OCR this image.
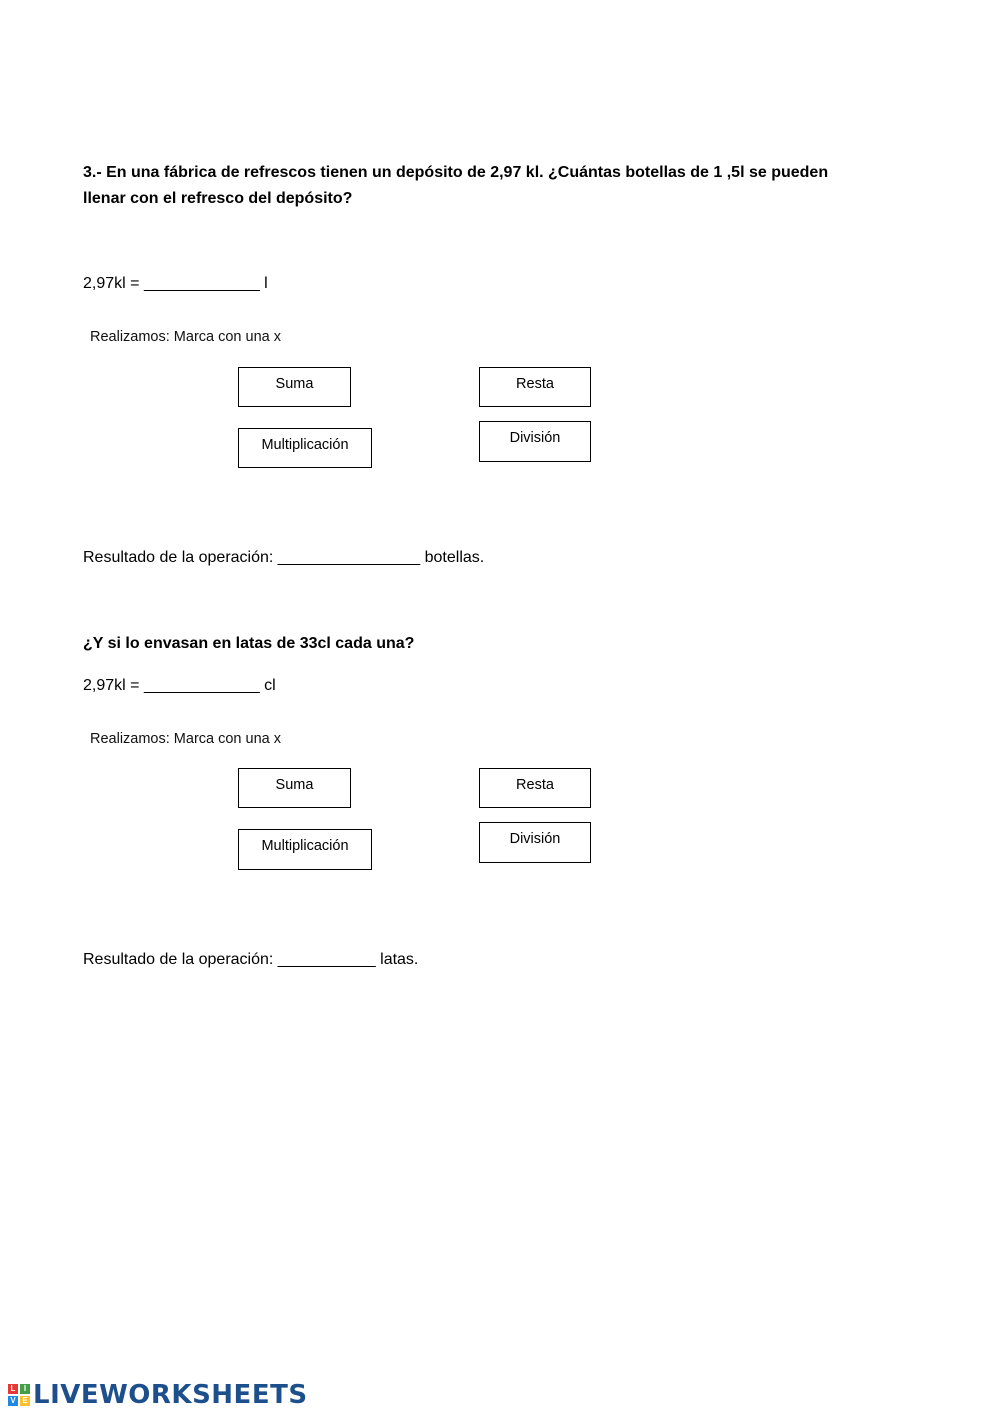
3.- En una fábrica de refrescos tienen un depósito de 2,97 kl. ¿Cuántas botellas de 1 ,5l se pueden llenar con el refresco del depósito?
2,97kl = _____________ l
Realizamos: Marca con una x
Suma	Resta
Multiplicación	División
Resultado de la operación: ________________ botellas.
¿Y si lo envasan en latas de 33cl cada una?
2,97kl = _____________ cl
Realizamos: Marca con una x
Suma	Resta
Multiplicación	División
Resultado de la operación: ___________ latas.
L	I
V E LIVEWORKSHEETS
